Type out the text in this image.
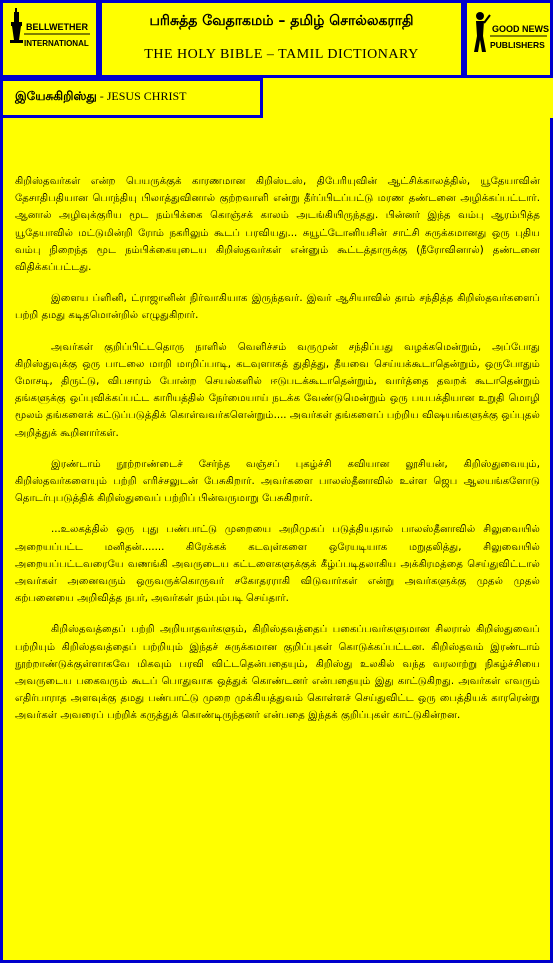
BELLWETHER
INTERNATIONAL
பரிசுத்த வேதாகமம் – தமிழ் சொல்லகராதி
THE HOLY BIBLE – TAMIL DICTIONARY
GOOD NEWS
PUBLISHERS
இயேசுகிறிஸ்து - JESUS CHRIST

கிறிஸ்தவர்கள் என்ற பெயருக்குக் காரணமான கிறிஸ்டஸ், திபேரியுவின் ஆட்சிக்காலத்தில், யூதேயாவின் தேசாதிபதியான பொந்தியு பிலாத்துவினால் குற்றவாளி என்று தீர்ப்பிடப்பட்டு மரண தண்டனை அழிக்கப்பட்டார். ஆனால் அழிவுக்குரிய மூட நம்பிக்கை கொஞ்சக் காலம் அடங்கியிருந்தது. பின்னர் இந்த வம்பு ஆரம்பித்த யூதேயாவில் மட்டுமின்றி ரோம் நகரிலும் கூடப் பரவியது... சுயூட்டோனியசின் சாட்சி சுருக்கமானது ஒரு புதிய வம்பு நிறைந்த மூட நம்பிக்கையுடைய கிறிஸ்தவர்கள் என்னும் கூட்டத்தாருக்கு (நீரோவினால்) தண்டனை விதிக்கப்பட்டது.

இளைய ப்ளினி, ட்ராஜானின் நிர்வாகியாக இருந்தவர். இவர் ஆசியாவில் தாம் சந்தித்த கிறிஸ்தவர்களைப் பற்றி தமது கடிதமொன்றில் எழுதுகிறார்.

அவர்கள் குறிப்பிட்டதொரு நாளில் வெளிச்சம் வருமுன் சந்திப்பது வழக்கமென்றும், அப்போது கிறிஸ்துவுக்கு ஒரு பாடலை மாறி மாறிப்பாடி, கடவுளாகத் துதித்து, தீயவை செய்யக்கூடாதென்றும், ஒருபோதும் மோசடி, திருட்டு, விபசாரம் போன்ற செயல்களில் ஈடுபடக்கூடாதென்றும், வார்த்தை தவறக் கூடாதென்றும் தங்களுக்கு ஒப்புவிக்கப்பட்ட காரியத்தில் நேர்மையாய் நடக்க வேண்டுமென்றும் ஒரு பயபக்தியான உறுதி மொழி மூலம் தங்களைக் கட்டுப்படுத்திக் கொள்வவர்களென்றும்.... அவர்கள் தங்களைப் பற்றிய விஷயங்களுக்கு ஒப்புதல் அறித்துக் கூறினார்கள்.

இரண்டாம் நூற்றாண்டைச் சேர்ந்த வஞ்சப் புகழ்ச்சி கவியான லூசியன், கிறிஸ்துவையும், கிறிஸ்தவர்களையும் பற்றி எரிச்சலுடன் பேசுகிறார். அவர்களை பாலஸ்தீனாவில் உள்ள ஜெப ஆலயங்களோடு தொடர்புபடுத்திக் கிறிஸ்துவைப் பற்றிப் பின்வருமாறு பேசுகிறார்.

...உலகத்தில் ஒரு புது பண்பாட்டு முறையை அறிமுகப் படுத்தியதால் பாலஸ்தீனாவில் சிலுவையில் அறையப்பட்ட மனிதன்....... கிரேக்கக் கடவுள்களை ஒரேயடியாக மறுதலித்து, சிலுவையில் அறையப்பட்டவரையே வணங்கி அவருடைய கட்டளைகளுக்குக் கீழ்ப்படிதலாகிய அக்கிரமத்தை செய்துவிட்டால் அவர்கள் அனைவரும் ஒருவருக்கொருவர் சகோதரராகி விடுவார்கள் என்று அவர்களுக்கு முதல் முதல் கற்பனையை அறிவித்த நபர், அவர்கள் நம்பும்படி செய்தார்.

கிறிஸ்தவத்தைப் பற்றி அறியாதவர்களும், கிறிஸ்தவத்தைப் பகைப்பவர்களுமான சிலரால் கிறிஸ்துவைப் பற்றியும் கிறிஸ்தவத்தைப் பற்றியும் இந்தச் சுருக்கமான குறிப்புகள் கொடுக்கப்பட்டன. கிறிஸ்தவம் இரண்டாம் நூற்றாண்டுக்குள்ளாகவே மிகவும் பரவி விட்டதென்பதையும், கிறிஸ்து உலகில் வந்த வரலாற்று நிகழ்ச்சியை அவருடைய பகைவரும் கூடப் பொதுவாக ஒத்துக் கொண்டனர் என்பதையும் இது காட்டுகிறது. அவர்கள் எவரும் எதிர்பாராத அளவுக்கு தமது பண்பாட்டு முறை முக்கியத்துவம் கொள்ளச் செய்துவிட்ட ஒரு பைத்தியக் காரரென்று அவர்கள் அவரைப் பற்றிக் கருத்துக் கொண்டிருந்தனர் என்பதை இந்தக் குறிப்புகள் காட்டுகின்றன.
